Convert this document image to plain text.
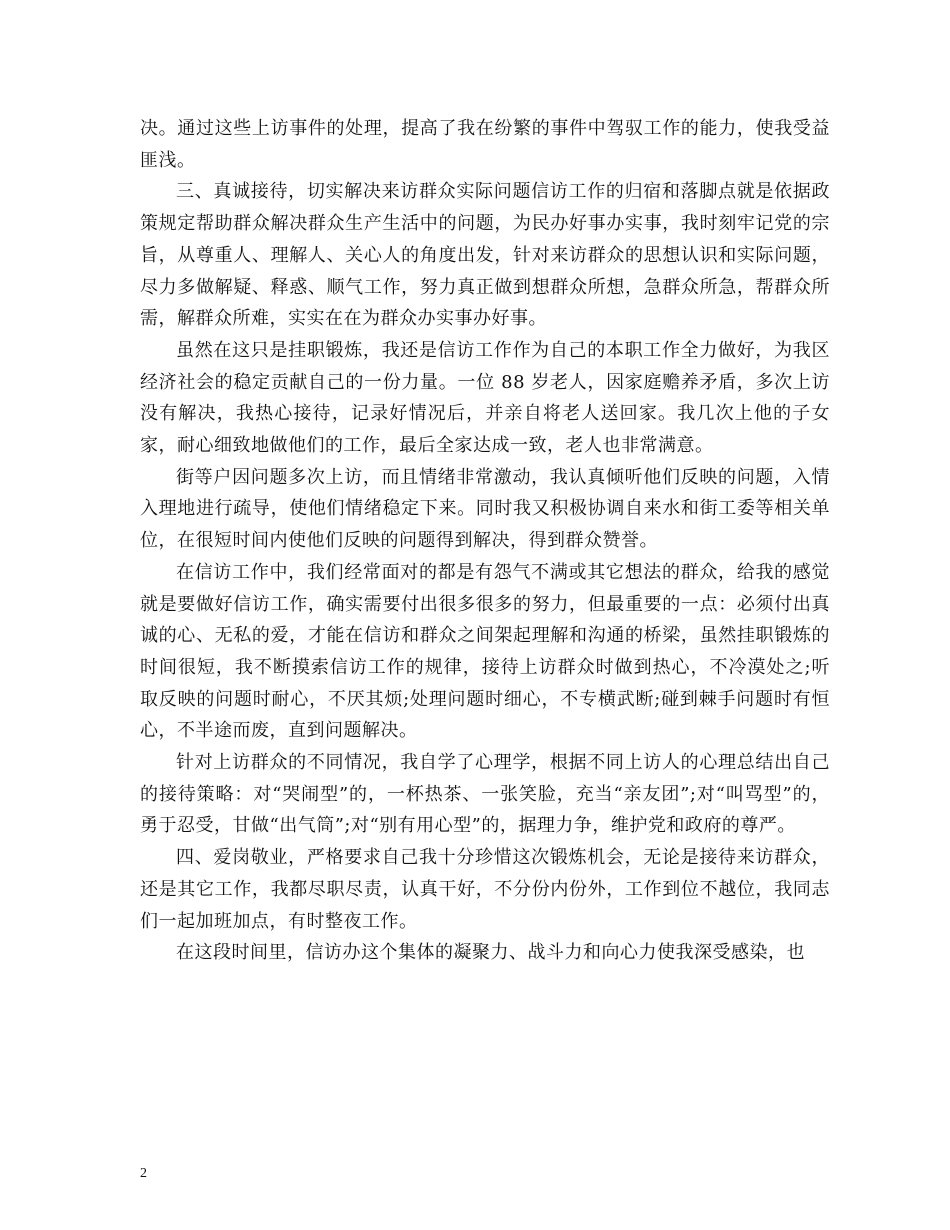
决。通过这些上访事件的处理，提高了我在纷繁的事件中驾驭工作的能力，使我受益匪浅。

三、真诚接待，切实解决来访群众实际问题信访工作的归宿和落脚点就是依据政策规定帮助群众解决群众生产生活中的问题，为民办好事办实事，我时刻牢记党的宗旨，从尊重人、理解人、关心人的角度出发，针对来访群众的思想认识和实际问题，尽力多做解疑、释惑、顺气工作，努力真正做到想群众所想，急群众所急，帮群众所需，解群众所难，实实在在为群众办实事办好事。

虽然在这只是挂职锻炼，我还是信访工作作为自己的本职工作全力做好，为我区经济社会的稳定贡献自己的一份力量。一位 88 岁老人，因家庭赡养矛盾，多次上访没有解决，我热心接待，记录好情况后，并亲自将老人送回家。我几次上他的子女家，耐心细致地做他们的工作，最后全家达成一致，老人也非常满意。

街等户因问题多次上访，而且情绪非常激动，我认真倾听他们反映的问题，入情入理地进行疏导，使他们情绪稳定下来。同时我又积极协调自来水和街工委等相关单位，在很短时间内使他们反映的问题得到解决，得到群众赞誉。

在信访工作中，我们经常面对的都是有怨气不满或其它想法的群众，给我的感觉就是要做好信访工作，确实需要付出很多很多的努力，但最重要的一点：必须付出真诚的心、无私的爱，才能在信访和群众之间架起理解和沟通的桥梁，虽然挂职锻炼的时间很短，我不断摸索信访工作的规律，接待上访群众时做到热心，不冷漠处之;听取反映的问题时耐心，不厌其烦;处理问题时细心，不专横武断;碰到棘手问题时有恒心，不半途而废，直到问题解决。

针对上访群众的不同情况，我自学了心理学，根据不同上访人的心理总结出自己的接待策略：对“哭闹型”的，一杯热茶、一张笑脸，充当“亲友团”;对“叫骂型”的，勇于忍受，甘做“出气筒”;对“别有用心型”的，据理力争，维护党和政府的尊严。

四、爱岗敬业，严格要求自己我十分珍惜这次锻炼机会，无论是接待来访群众，还是其它工作，我都尽职尽责，认真干好，不分份内份外，工作到位不越位，我同志们一起加班加点，有时整夜工作。

在这段时间里，信访办这个集体的凝聚力、战斗力和向心力使我深受感染，也

2
